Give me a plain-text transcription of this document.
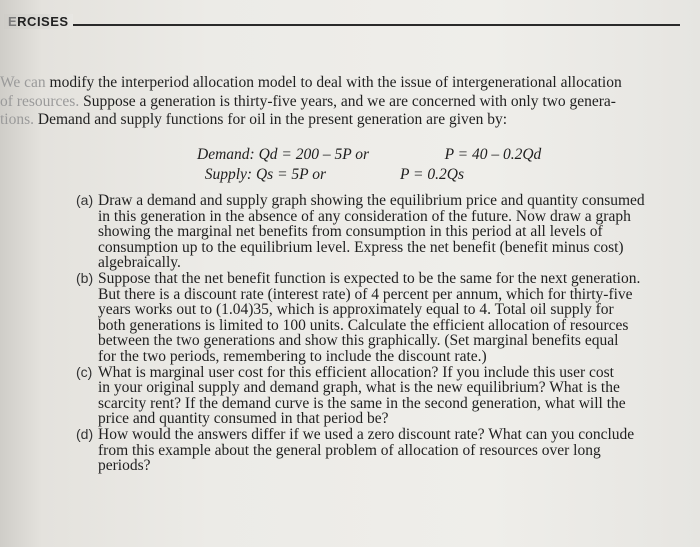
ERCISES
We can modify the interperiod allocation model to deal with the issue of intergenerational allocation
of resources. Suppose a generation is thirty-five years, and we are concerned with only two genera-
tions. Demand and supply functions for oil in the present generation are given by:
Demand:
Qd = 200 – 5P or	P = 40 – 0.2Qd

Supply:
Qs = 5P or	P = 0.2Qs
(a) Draw a demand and supply graph showing the equilibrium price and quantity consumed
in this generation in the absence of any consideration of the future. Now draw a graph
showing the marginal net benefits from consumption in this period at all levels of
consumption up to the equilibrium level. Express the net benefit (benefit minus cost)
algebraically.
(b) Suppose that the net benefit function is expected to be the same for the next generation.
But there is a discount rate (interest rate) of 4 percent per annum, which for thirty-five
years works out to (1.04)35, which is approximately equal to 4. Total oil supply for
both generations is limited to 100 units. Calculate the efficient allocation of resources
between the two generations and show this graphically. (Set marginal benefits equal
for the two periods, remembering to include the discount rate.)
(c) What is marginal user cost for this efficient allocation? If you include this user cost
in your original supply and demand graph, what is the new equilibrium? What is the
scarcity rent? If the demand curve is the same in the second generation, what will the
price and quantity consumed in that period be?
(d) How would the answers differ if we used a zero discount rate? What can you conclude
from this example about the general problem of allocation of resources over long
periods?
